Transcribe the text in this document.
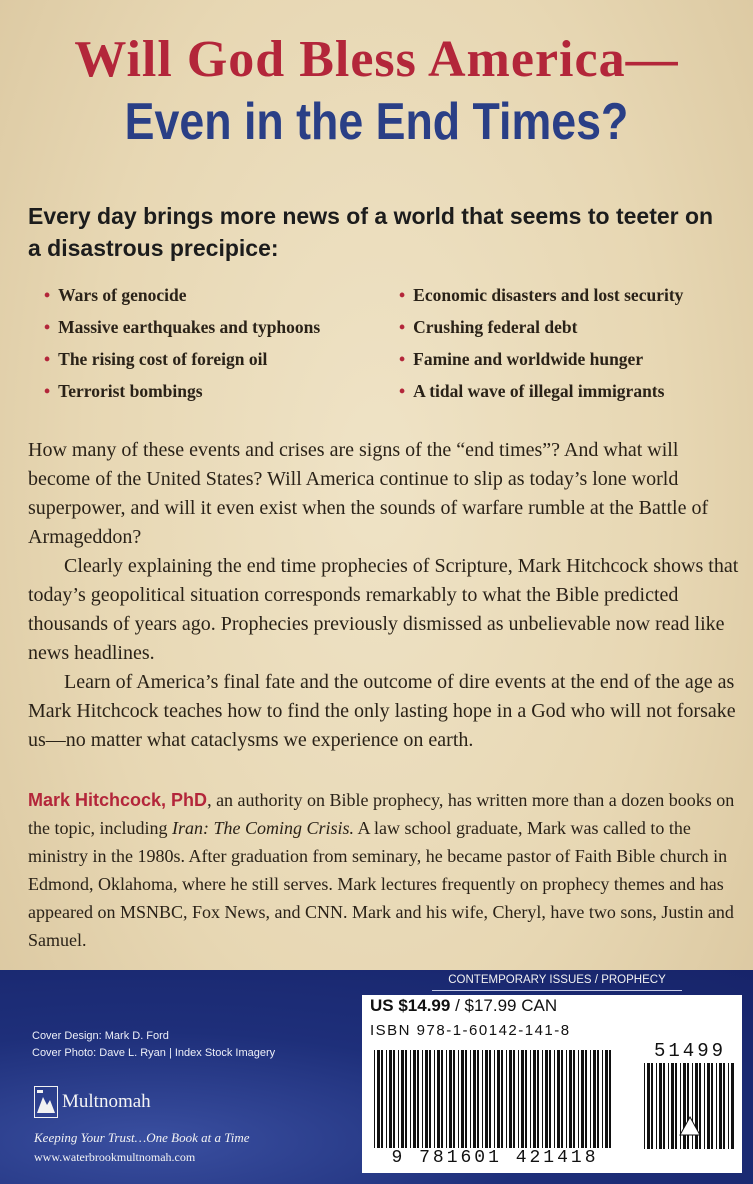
Will God Bless America—
Even in the End Times?
Every day brings more news of a world that seems to teeter on a disastrous precipice:
• Wars of genocide	• Economic disasters and lost security
• Massive earthquakes and typhoons	• Crushing federal debt
• The rising cost of foreign oil	• Famine and worldwide hunger
• Terrorist bombings	• A tidal wave of illegal immigrants

How many of these events and crises are signs of the “end times”? And what will become of the United States? Will America continue to slip as today’s lone world superpower, and will it even exist when the sounds of warfare rumble at the Battle of Armageddon?

Clearly explaining the end time prophecies of Scripture, Mark Hitchcock shows that today’s geopolitical situation corresponds remarkably to what the Bible predicted thousands of years ago. Prophecies previously dismissed as unbelievable now read like news headlines.

Learn of America’s final fate and the outcome of dire events at the end of the age as Mark Hitchcock teaches how to find the only lasting hope in a God who will not forsake us—no matter what cataclysms we experience on earth.

Mark Hitchcock, PhD, an authority on Bible prophecy, has written more than a dozen books on the topic, including Iran: The Coming Crisis. A law school graduate, Mark was called to the ministry in the 1980s. After graduation from seminary, he became pastor of Faith Bible church in Edmond, Oklahoma, where he still serves. Mark lectures frequently on prophecy themes and has appeared on MSNBC, Fox News, and CNN. Mark and his wife, Cheryl, have two sons, Justin and Samuel.
CONTEMPORARY ISSUES / PROPHECY
Cover Design: Mark D. Ford
Cover Photo: Dave L. Ryan | Index Stock Imagery
Multnomah
Keeping Your Trust…One Book at a Time
www.waterbrookmultnomah.com
US $14.99 / $17.99 CAN
ISBN 978-1-60142-141-8
9 781601 421418
51499
